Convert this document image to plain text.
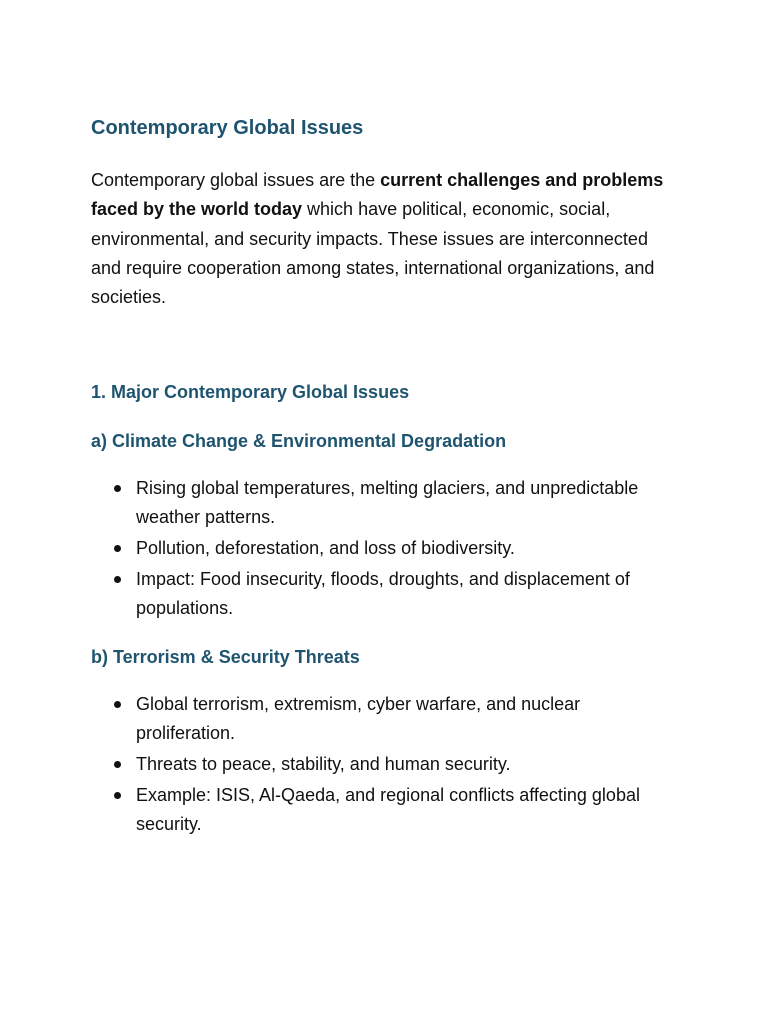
Contemporary Global Issues

Contemporary global issues are the current challenges and problems faced by the world today which have political, economic, social, environmental, and security impacts. These issues are interconnected and require cooperation among states, international organizations, and societies.

1. Major Contemporary Global Issues
a) Climate Change & Environmental Degradation
Rising global temperatures, melting glaciers, and unpredictable weather patterns.
Pollution, deforestation, and loss of biodiversity.
Impact: Food insecurity, floods, droughts, and displacement of populations.
b) Terrorism & Security Threats
Global terrorism, extremism, cyber warfare, and nuclear proliferation.
Threats to peace, stability, and human security.
Example: ISIS, Al-Qaeda, and regional conflicts affecting global security.
